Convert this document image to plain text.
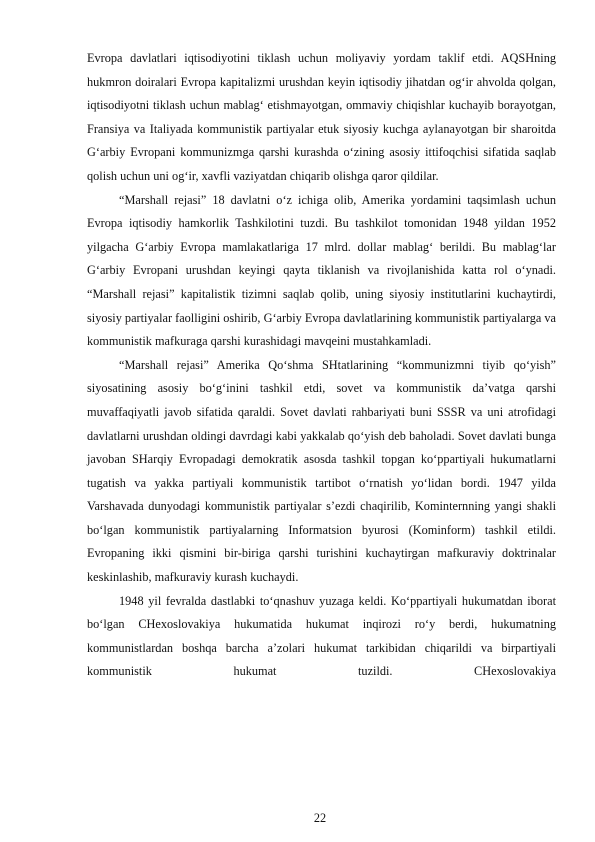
Evropa davlatlari iqtisodiyotini tiklash uchun moliyaviy yordam taklif etdi. AQSHning hukmron doiralari Evropa kapitalizmi urushdan keyin iqtisodiy jihatdan og‘ir ahvolda qolgan, iqtisodiyotni tiklash uchun mablag‘ etishmayotgan, ommaviy chiqishlar kuchayib borayotgan, Fransiya va Italiyada kommunistik partiyalar etuk siyosiy kuchga aylanayotgan bir sharoitda G‘arbiy Evropani kommunizmga qarshi kurashda o‘zining asosiy ittifoqchisi sifatida saqlab qolish uchun uni og‘ir, xavfli vaziyatdan chiqarib olishga qaror qildilar.

“Marshall rejasi” 18 davlatni o‘z ichiga olib, Amerika yordamini taqsimlash uchun Evropa iqtisodiy hamkorlik Tashkilotini tuzdi. Bu tashkilot tomonidan 1948 yildan 1952 yilgacha G‘arbiy Evropa mamlakatlariga 17 mlrd. dollar mablag‘ berildi. Bu mablag‘lar G‘arbiy Evropani urushdan keyingi qayta tiklanish va rivojlanishida katta rol o‘ynadi. “Marshall rejasi” kapitalistik tizimni saqlab qolib, uning siyosiy institutlarini kuchaytirdi, siyosiy partiyalar faolligini oshirib, G‘arbiy Evropa davlatlarining kommunistik partiyalarga va kommunistik mafkuraga qarshi kurashidagi mavqeini mustahkamladi.

“Marshall rejasi” Amerika Qo‘shma SHtatlarining “kommunizmni tiyib qo‘yish” siyosatining asosiy bo‘g‘inini tashkil etdi, sovet va kommunistik da’vatga qarshi muvaffaqiyatli javob sifatida qaraldi. Sovet davlati rahbariyati buni SSSR va uni atrofidagi davlatlarni urushdan oldingi davrdagi kabi yakkalab qo‘yish deb baholadi. Sovet davlati bunga javoban SHarqiy Evropadagi demokratik asosda tashkil topgan ko‘ppartiyali hukumatlarni tugatish va yakka partiyali kommunistik tartibot o‘rnatish yo‘lidan bordi. 1947 yilda Varshavada dunyodagi kommunistik partiyalar s’ezdi chaqirilib, Kominternning yangi shakli bo‘lgan kommunistik partiyalarning Informatsion byurosi (Kominform) tashkil etildi. Evropaning ikki qismini bir-biriga qarshi turishini kuchaytirgan mafkuraviy doktrinalar keskinlashib, mafkuraviy kurash kuchaydi.

1948 yil fevralda dastlabki to‘qnashuv yuzaga keldi. Ko‘ppartiyali hukumatdan iborat bo‘lgan CHexoslovakiya hukumatida hukumat inqirozi ro‘y berdi, hukumatning kommunistlardan boshqa barcha a’zolari hukumat tarkibidan chiqarildi va birpartiyali kommunistik hukumat tuzildi. CHexoslovakiya

22
